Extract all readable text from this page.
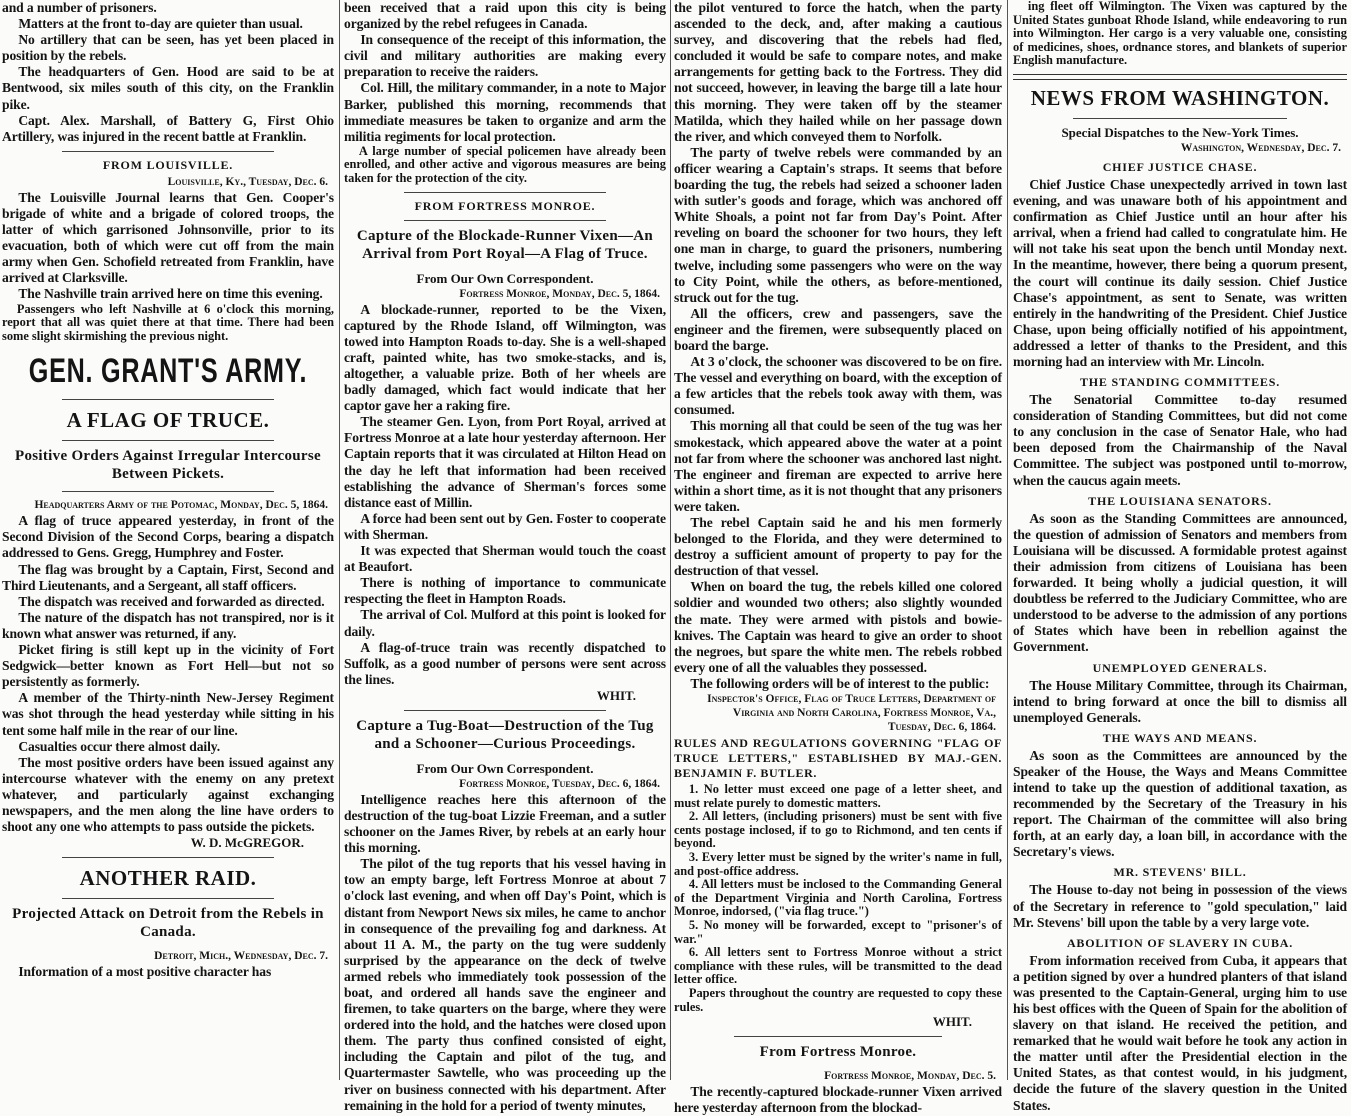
and a number of prisoners.
Matters at the front to-day are quieter than usual.
No artillery that can be seen, has yet been placed in position by the rebels.
The headquarters of Gen. Hood are said to be at Bentwood, six miles south of this city, on the Franklin pike.
Capt. Alex. Marshall, of Battery G, First Ohio Artillery, was injured in the recent battle at Franklin.
FROM LOUISVILLE.
Louisville, Ky., Tuesday, Dec. 6.
The Louisville Journal learns that Gen. Cooper's brigade of white and a brigade of colored troops, the latter of which garrisoned Johnsonville, prior to its evacuation, both of which were cut off from the main army when Gen. Schofield retreated from Franklin, have arrived at Clarksville.
The Nashville train arrived here on time this evening.
Passengers who left Nashville at 6 o'clock this morning, report that all was quiet there at that time. There had been some slight skirmishing the previous night.
GEN. GRANT'S ARMY.
A FLAG OF TRUCE.
Positive Orders Against Irregular Intercourse Between Pickets.
Headquarters Army of the Potomac, Monday, Dec. 5, 1864.
A flag of truce appeared yesterday, in front of the Second Division of the Second Corps, bearing a dispatch addressed to Gens. Gregg, Humphrey and Foster.
The flag was brought by a Captain, First, Second and Third Lieutenants, and a Sergeant, all staff officers.
The dispatch was received and forwarded as directed.
The nature of the dispatch has not transpired, nor is it known what answer was returned, if any.
Picket firing is still kept up in the vicinity of Fort Sedgwick—better known as Fort Hell—but not so persistently as formerly.
A member of the Thirty-ninth New-Jersey Regiment was shot through the head yesterday while sitting in his tent some half mile in the rear of our line.
Casualties occur there almost daily.
The most positive orders have been issued against any intercourse whatever with the enemy on any pretext whatever, and particularly against exchanging newspapers, and the men along the line have orders to shoot any one who attempts to pass outside the pickets.
W. D. McGREGOR.
ANOTHER RAID.
Projected Attack on Detroit from the Rebels in Canada.
Detroit, Mich., Wednesday, Dec. 7.
Information of a most positive character has
been received that a raid upon this city is being organized by the rebel refugees in Canada.
In consequence of the receipt of this information, the civil and military authorities are making every preparation to receive the raiders.
Col. Hill, the military commander, in a note to Major Barker, published this morning, recommends that immediate measures be taken to organize and arm the militia regiments for local protection.
A large number of special policemen have already been enrolled, and other active and vigorous measures are being taken for the protection of the city.
FROM FORTRESS MONROE.
Capture of the Blockade-Runner Vixen—An Arrival from Port Royal—A Flag of Truce.
From Our Own Correspondent.
Fortress Monroe, Monday, Dec. 5, 1864.
A blockade-runner, reported to be the Vixen, captured by the Rhode Island, off Wilmington, was towed into Hampton Roads to-day. She is a well-shaped craft, painted white, has two smoke-stacks, and is, altogether, a valuable prize. Both of her wheels are badly damaged, which fact would indicate that her captor gave her a raking fire.
The steamer Gen. Lyon, from Port Royal, arrived at Fortress Monroe at a late hour yesterday afternoon. Her Captain reports that it was circulated at Hilton Head on the day he left that information had been received establishing the advance of Sherman's forces some distance east of Millin.
A force had been sent out by Gen. Foster to cooperate with Sherman.
It was expected that Sherman would touch the coast at Beaufort.
There is nothing of importance to communicate respecting the fleet in Hampton Roads.
The arrival of Col. Mulford at this point is looked for daily.
A flag-of-truce train was recently dispatched to Suffolk, as a good number of persons were sent across the lines.
WHIT.
Capture a Tug-Boat—Destruction of the Tug and a Schooner—Curious Proceedings.
From Our Own Correspondent.
Fortress Monroe, Tuesday, Dec. 6, 1864.
Intelligence reaches here this afternoon of the destruction of the tug-boat Lizzie Freeman, and a sutler schooner on the James River, by rebels at an early hour this morning.
The pilot of the tug reports that his vessel having in tow an empty barge, left Fortress Monroe at about 7 o'clock last evening, and when off Day's Point, which is distant from Newport News six miles, he came to anchor in consequence of the prevailing fog and darkness. At about 11 A. M., the party on the tug were suddenly surprised by the appearance on the deck of twelve armed rebels who immediately took possession of the boat, and ordered all hands save the engineer and firemen, to take quarters on the barge, where they were ordered into the hold, and the hatches were closed upon them. The party thus confined consisted of eight, including the Captain and pilot of the tug, and Quartermaster Sawtelle, who was proceeding up the river on business connected with his department. After remaining in the hold for a period of twenty minutes,
the pilot ventured to force the hatch, when the party ascended to the deck, and, after making a cautious survey, and discovering that the rebels had fled, concluded it would be safe to compare notes, and make arrangements for getting back to the Fortress. They did not succeed, however, in leaving the barge till a late hour this morning. They were taken off by the steamer Matilda, which they hailed while on her passage down the river, and which conveyed them to Norfolk.
The party of twelve rebels were commanded by an officer wearing a Captain's straps. It seems that before boarding the tug, the rebels had seized a schooner laden with sutler's goods and forage, which was anchored off White Shoals, a point not far from Day's Point. After reveling on board the schooner for two hours, they left one man in charge, to guard the prisoners, numbering twelve, including some passengers who were on the way to City Point, while the others, as before-mentioned, struck out for the tug.
All the officers, crew and passengers, save the engineer and the firemen, were subsequently placed on board the barge.
At 3 o'clock, the schooner was discovered to be on fire. The vessel and everything on board, with the exception of a few articles that the rebels took away with them, was consumed.
This morning all that could be seen of the tug was her smokestack, which appeared above the water at a point not far from where the schooner was anchored last night. The engineer and fireman are expected to arrive here within a short time, as it is not thought that any prisoners were taken.
The rebel Captain said he and his men formerly belonged to the Florida, and they were determined to destroy a sufficient amount of property to pay for the destruction of that vessel.
When on board the tug, the rebels killed one colored soldier and wounded two others; also slightly wounded the mate. They were armed with pistols and bowie-knives. The Captain was heard to give an order to shoot the negroes, but spare the white men. The rebels robbed every one of all the valuables they possessed.
The following orders will be of interest to the public:
Inspector's Office, Flag of Truce Letters, Department of Virginia and North Carolina, Fortress Monroe, Va., Tuesday, Dec. 6, 1864.
RULES AND REGULATIONS GOVERNING "FLAG OF TRUCE LETTERS," ESTABLISHED BY MAJ.-GEN. BENJAMIN F. BUTLER.
1. No letter must exceed one page of a letter sheet, and must relate purely to domestic matters.
2. All letters, (including prisoners) must be sent with five cents postage inclosed, if to go to Richmond, and ten cents if beyond.
3. Every letter must be signed by the writer's name in full, and post-office address.
4. All letters must be inclosed to the Commanding General of the Department Virginia and North Carolina, Fortress Monroe, indorsed, ("via flag truce.")
5. No money will be forwarded, except to "prisoner's of war."
6. All letters sent to Fortress Monroe without a strict compliance with these rules, will be transmitted to the dead letter office.
Papers throughout the country are requested to copy these rules.
WHIT.
From Fortress Monroe.
Fortress Monroe, Monday, Dec. 5.
The recently-captured blockade-runner Vixen arrived here yesterday afternoon from the blockad-
ing fleet off Wilmington. The Vixen was captured by the United States gunboat Rhode Island, while endeavoring to run into Wilmington. Her cargo is a very valuable one, consisting of medicines, shoes, ordnance stores, and blankets of superior English manufacture.
NEWS FROM WASHINGTON.
Special Dispatches to the New-York Times.
Washington, Wednesday, Dec. 7.
CHIEF JUSTICE CHASE.
Chief Justice Chase unexpectedly arrived in town last evening, and was unaware both of his appointment and confirmation as Chief Justice until an hour after his arrival, when a friend had called to congratulate him. He will not take his seat upon the bench until Monday next. In the meantime, however, there being a quorum present, the court will continue its daily session. Chief Justice Chase's appointment, as sent to Senate, was written entirely in the handwriting of the President. Chief Justice Chase, upon being officially notified of his appointment, addressed a letter of thanks to the President, and this morning had an interview with Mr. Lincoln.
THE STANDING COMMITTEES.
The Senatorial Committee to-day resumed consideration of Standing Committees, but did not come to any conclusion in the case of Senator Hale, who had been deposed from the Chairmanship of the Naval Committee. The subject was postponed until to-morrow, when the caucus again meets.
THE LOUISIANA SENATORS.
As soon as the Standing Committees are announced, the question of admission of Senators and members from Louisiana will be discussed. A formidable protest against their admission from citizens of Louisiana has been forwarded. It being wholly a judicial question, it will doubtless be referred to the Judiciary Committee, who are understood to be adverse to the admission of any portions of States which have been in rebellion against the Government.
UNEMPLOYED GENERALS.
The House Military Committee, through its Chairman, intend to bring forward at once the bill to dismiss all unemployed Generals.
THE WAYS AND MEANS.
As soon as the Committees are announced by the Speaker of the House, the Ways and Means Committee intend to take up the question of additional taxation, as recommended by the Secretary of the Treasury in his report. The Chairman of the committee will also bring forth, at an early day, a loan bill, in accordance with the Secretary's views.
MR. STEVENS' BILL.
The House to-day not being in possession of the views of the Secretary in reference to "gold speculation," laid Mr. Stevens' bill upon the table by a very large vote.
ABOLITION OF SLAVERY IN CUBA.
From information received from Cuba, it appears that a petition signed by over a hundred planters of that island was presented to the Captain-General, urging him to use his best offices with the Queen of Spain for the abolition of slavery on that island. He received the petition, and remarked that he would wait before he took any action in the matter until after the Presidential election in the United States, as that contest would, in his judgment, decide the future of the slavery question in the United States.
